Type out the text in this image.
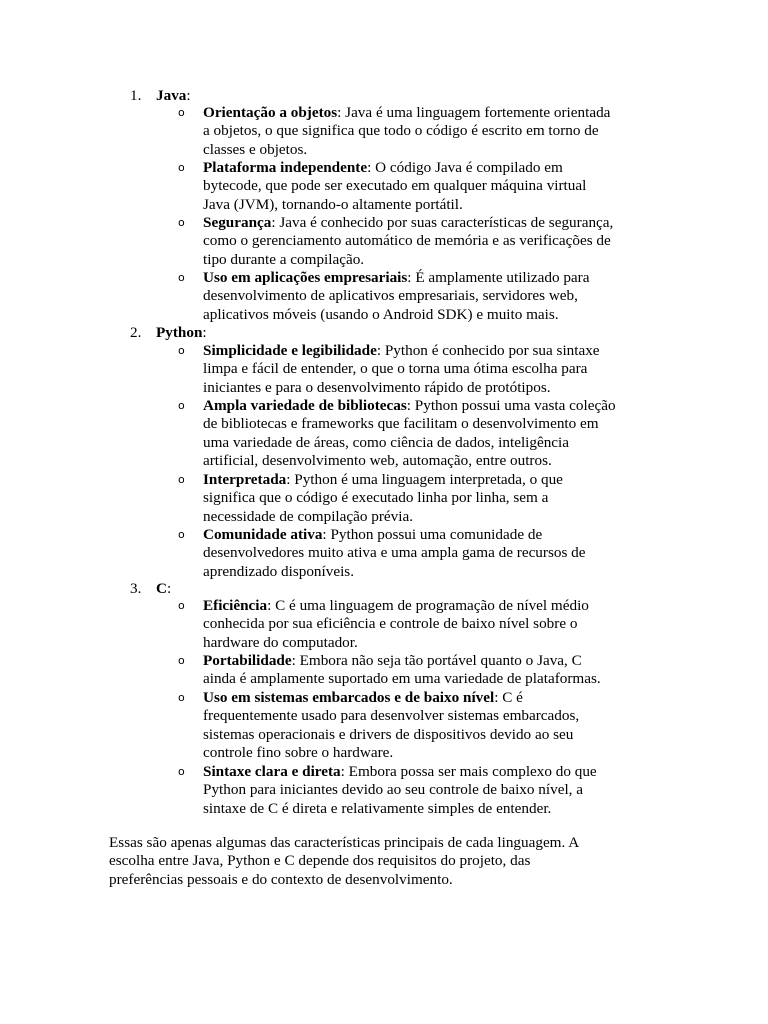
1. Java:
o Orientação a objetos: Java é uma linguagem fortemente orientada
a objetos, o que significa que todo o código é escrito em torno de
classes e objetos.
o Plataforma independente: O código Java é compilado em
bytecode, que pode ser executado em qualquer máquina virtual
Java (JVM), tornando-o altamente portátil.
o Segurança: Java é conhecido por suas características de segurança,
como o gerenciamento automático de memória e as verificações de
tipo durante a compilação.
o Uso em aplicações empresariais: É amplamente utilizado para
desenvolvimento de aplicativos empresariais, servidores web,
aplicativos móveis (usando o Android SDK) e muito mais.
2. Python:
o Simplicidade e legibilidade: Python é conhecido por sua sintaxe
limpa e fácil de entender, o que o torna uma ótima escolha para
iniciantes e para o desenvolvimento rápido de protótipos.
o Ampla variedade de bibliotecas: Python possui uma vasta coleção
de bibliotecas e frameworks que facilitam o desenvolvimento em
uma variedade de áreas, como ciência de dados, inteligência
artificial, desenvolvimento web, automação, entre outros.
o Interpretada: Python é uma linguagem interpretada, o que
significa que o código é executado linha por linha, sem a
necessidade de compilação prévia.
o Comunidade ativa: Python possui uma comunidade de
desenvolvedores muito ativa e uma ampla gama de recursos de
aprendizado disponíveis.
3. C:
o Eficiência: C é uma linguagem de programação de nível médio
conhecida por sua eficiência e controle de baixo nível sobre o
hardware do computador.
o Portabilidade: Embora não seja tão portável quanto o Java, C
ainda é amplamente suportado em uma variedade de plataformas.
o Uso em sistemas embarcados e de baixo nível: C é
frequentemente usado para desenvolver sistemas embarcados,
sistemas operacionais e drivers de dispositivos devido ao seu
controle fino sobre o hardware.
o Sintaxe clara e direta: Embora possa ser mais complexo do que
Python para iniciantes devido ao seu controle de baixo nível, a
sintaxe de C é direta e relativamente simples de entender.
Essas são apenas algumas das características principais de cada linguagem. A
escolha entre Java, Python e C depende dos requisitos do projeto, das
preferências pessoais e do contexto de desenvolvimento.
